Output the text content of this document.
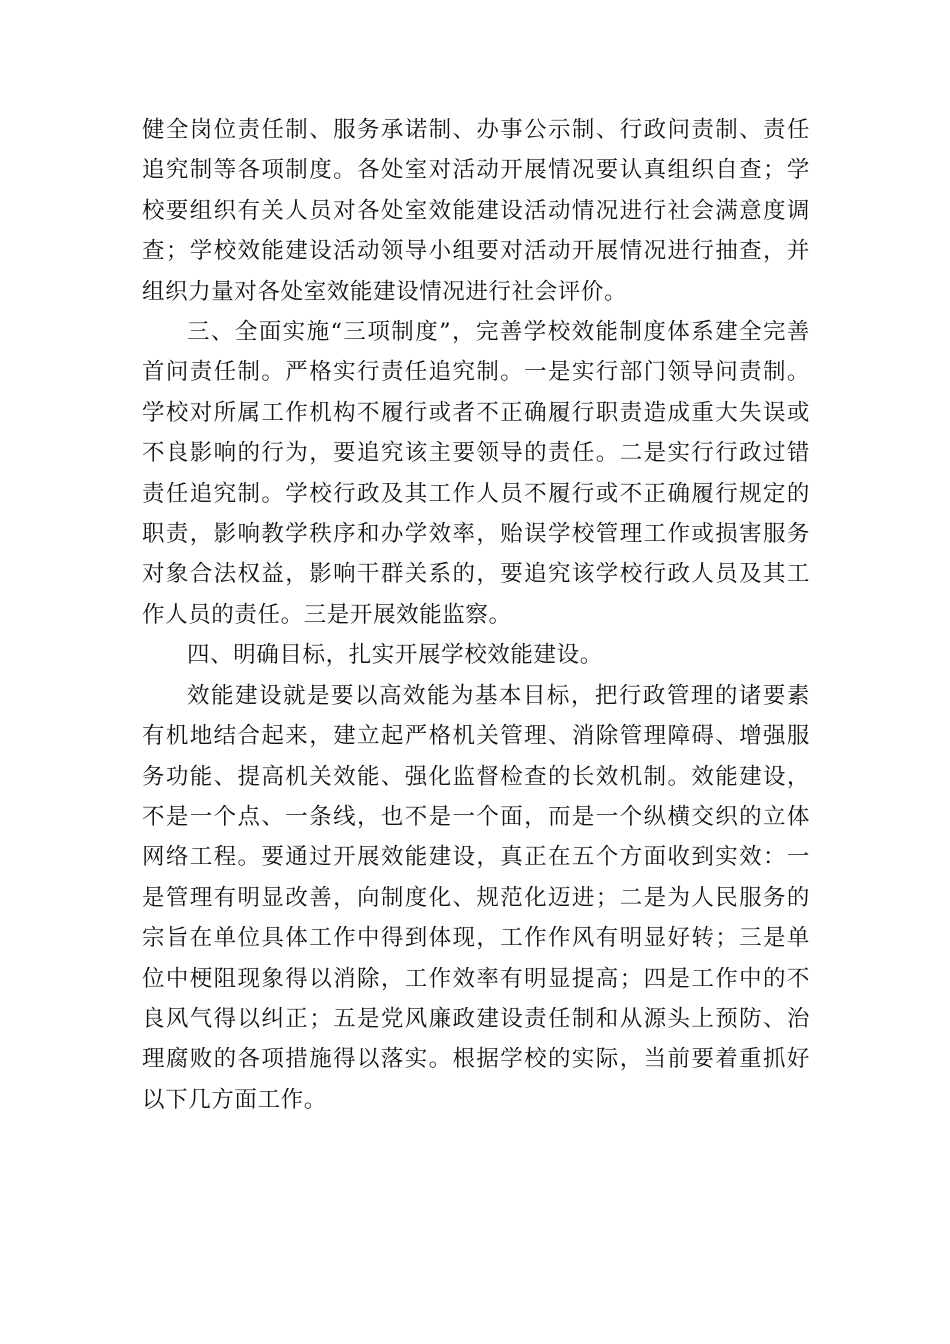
健全岗位责任制、服务承诺制、办事公示制、行政问责制、责任追究制等各项制度。各处室对活动开展情况要认真组织自查；学校要组织有关人员对各处室效能建设活动情况进行社会满意度调查；学校效能建设活动领导小组要对活动开展情况进行抽查，并组织力量对各处室效能建设情况进行社会评价。

三、全面实施“三项制度”，完善学校效能制度体系建全完善首问责任制。严格实行责任追究制。一是实行部门领导问责制。学校对所属工作机构不履行或者不正确履行职责造成重大失误或不良影响的行为，要追究该主要领导的责任。二是实行行政过错责任追究制。学校行政及其工作人员不履行或不正确履行规定的职责，影响教学秩序和办学效率，贻误学校管理工作或损害服务对象合法权益，影响干群关系的，要追究该学校行政人员及其工作人员的责任。三是开展效能监察。

四、明确目标，扎实开展学校效能建设。

效能建设就是要以高效能为基本目标，把行政管理的诸要素有机地结合起来，建立起严格机关管理、消除管理障碍、增强服务功能、提高机关效能、强化监督检查的长效机制。效能建设，不是一个点、一条线，也不是一个面，而是一个纵横交织的立体网络工程。要通过开展效能建设，真正在五个方面收到实效：一是管理有明显改善，向制度化、规范化迈进；二是为人民服务的宗旨在单位具体工作中得到体现，工作作风有明显好转；三是单位中梗阻现象得以消除，工作效率有明显提高；四是工作中的不良风气得以纠正；五是党风廉政建设责任制和从源头上预防、治理腐败的各项措施得以落实。根据学校的实际，当前要着重抓好以下几方面工作。
